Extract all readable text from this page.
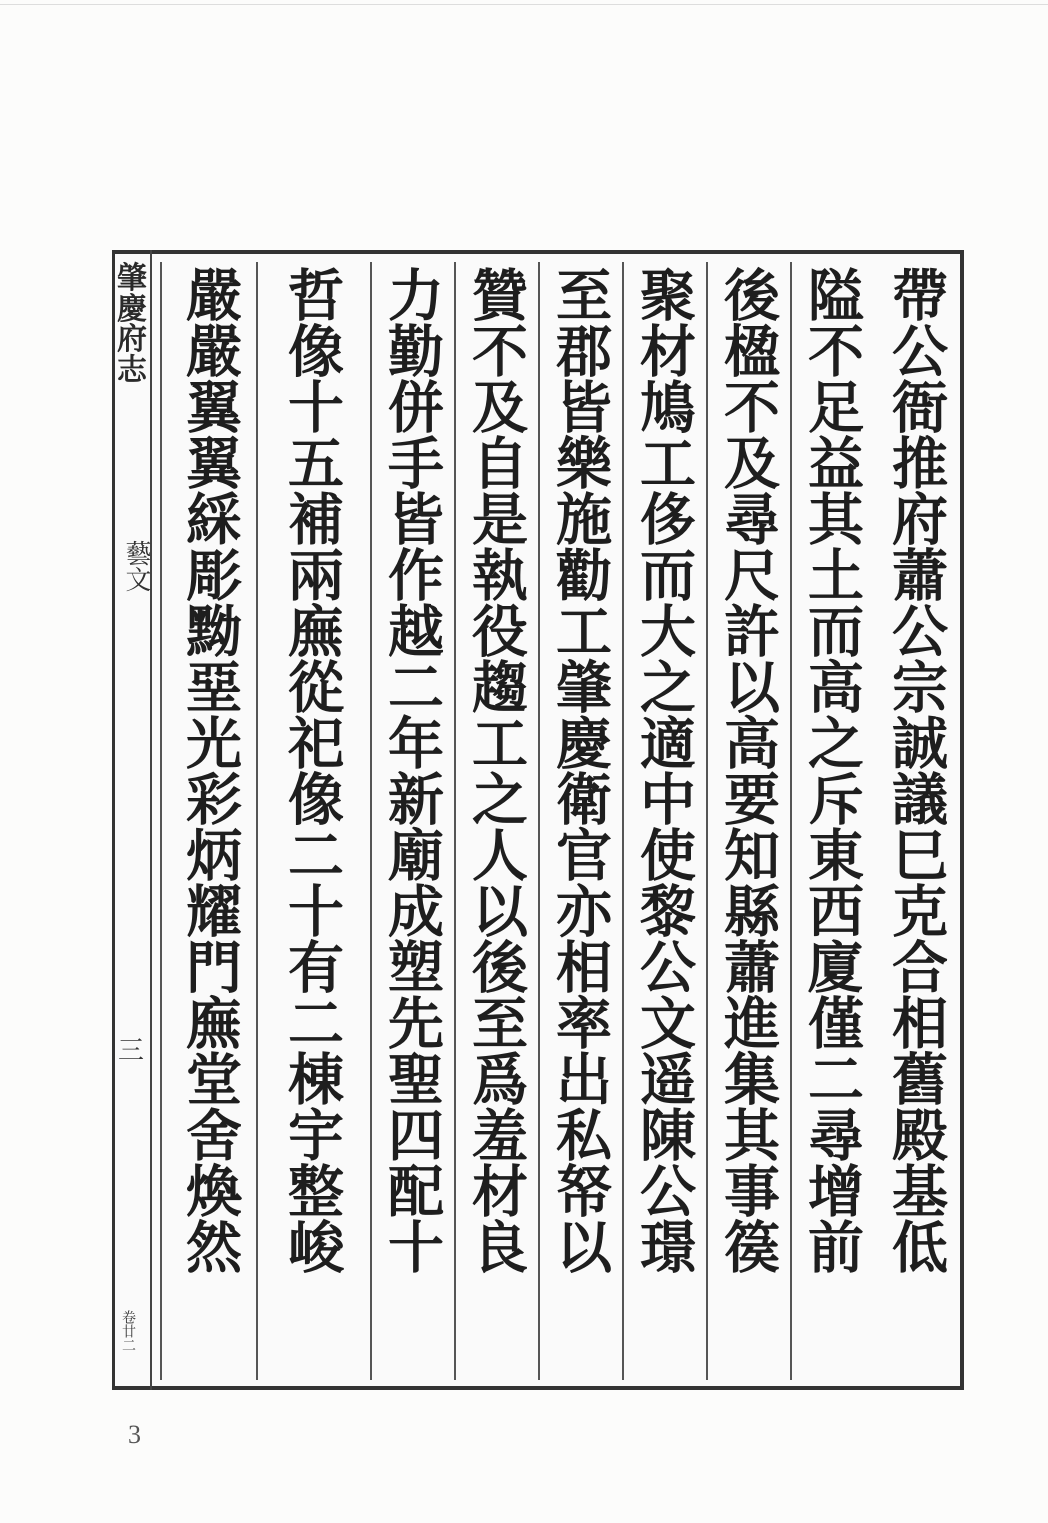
肇慶府志
藝文
三
卷廿二
帶公衙推府蕭公宗誠議巳克合相舊殿基低
隘不足益其土而高之斥東西廈僅二尋增前
後楹不及尋尺許以高要知縣蕭進集其事篌
聚材鳩工侈而大之適中使黎公文遥陳公璟
至郡皆樂施勸工肇慶衛官亦相率出私帑以
贊不及自是執役趨工之人以後至爲羞材良
力勤併手皆作越二年新廟成塑先聖四配十
哲像十五補兩廡從祀像二十有二棟宇整峻
嚴嚴翼翼綵彫黝堊光彩炳耀門廡堂舍煥然
3
